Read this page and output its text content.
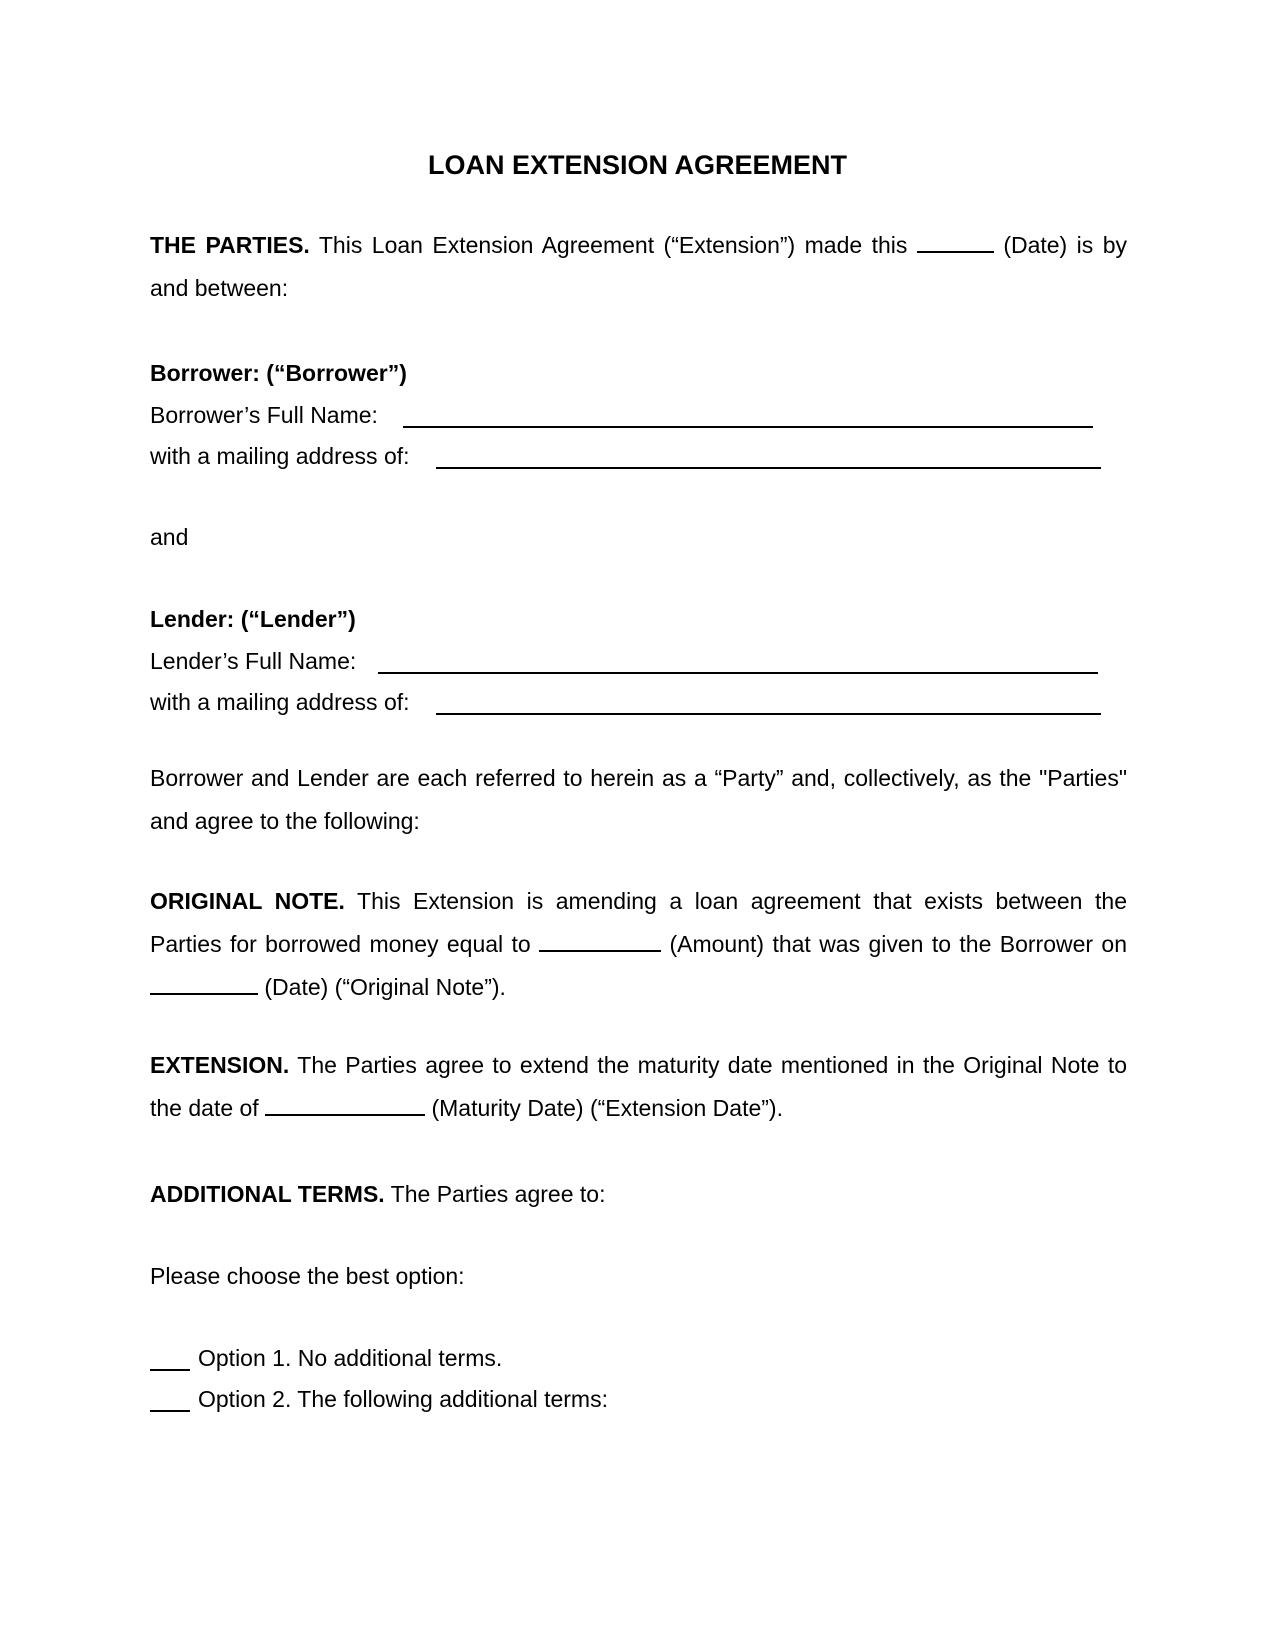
LOAN EXTENSION AGREEMENT

THE PARTIES. This Loan Extension Agreement (“Extension”) made this	(Date) is by and between:

Borrower: (“Borrower”)

Borrower’s Full Name:

with a mailing address of:

and

Lender: (“Lender”)

Lender’s Full Name:

with a mailing address of:

Borrower and Lender are each referred to herein as a “Party” and, collectively, as the "Parties" and agree to the following:

ORIGINAL NOTE. This Extension is amending a loan agreement that exists between the Parties for borrowed money equal to	(Amount) that was given to the Borrower on  (Date) (“Original Note”).

EXTENSION. The Parties agree to extend the maturity date mentioned in the Original Note to the date of	(Maturity Date) (“Extension Date”).

ADDITIONAL TERMS. The Parties agree to:

Please choose the best option:

Option 1. No additional terms.

Option 2. The following additional terms:
